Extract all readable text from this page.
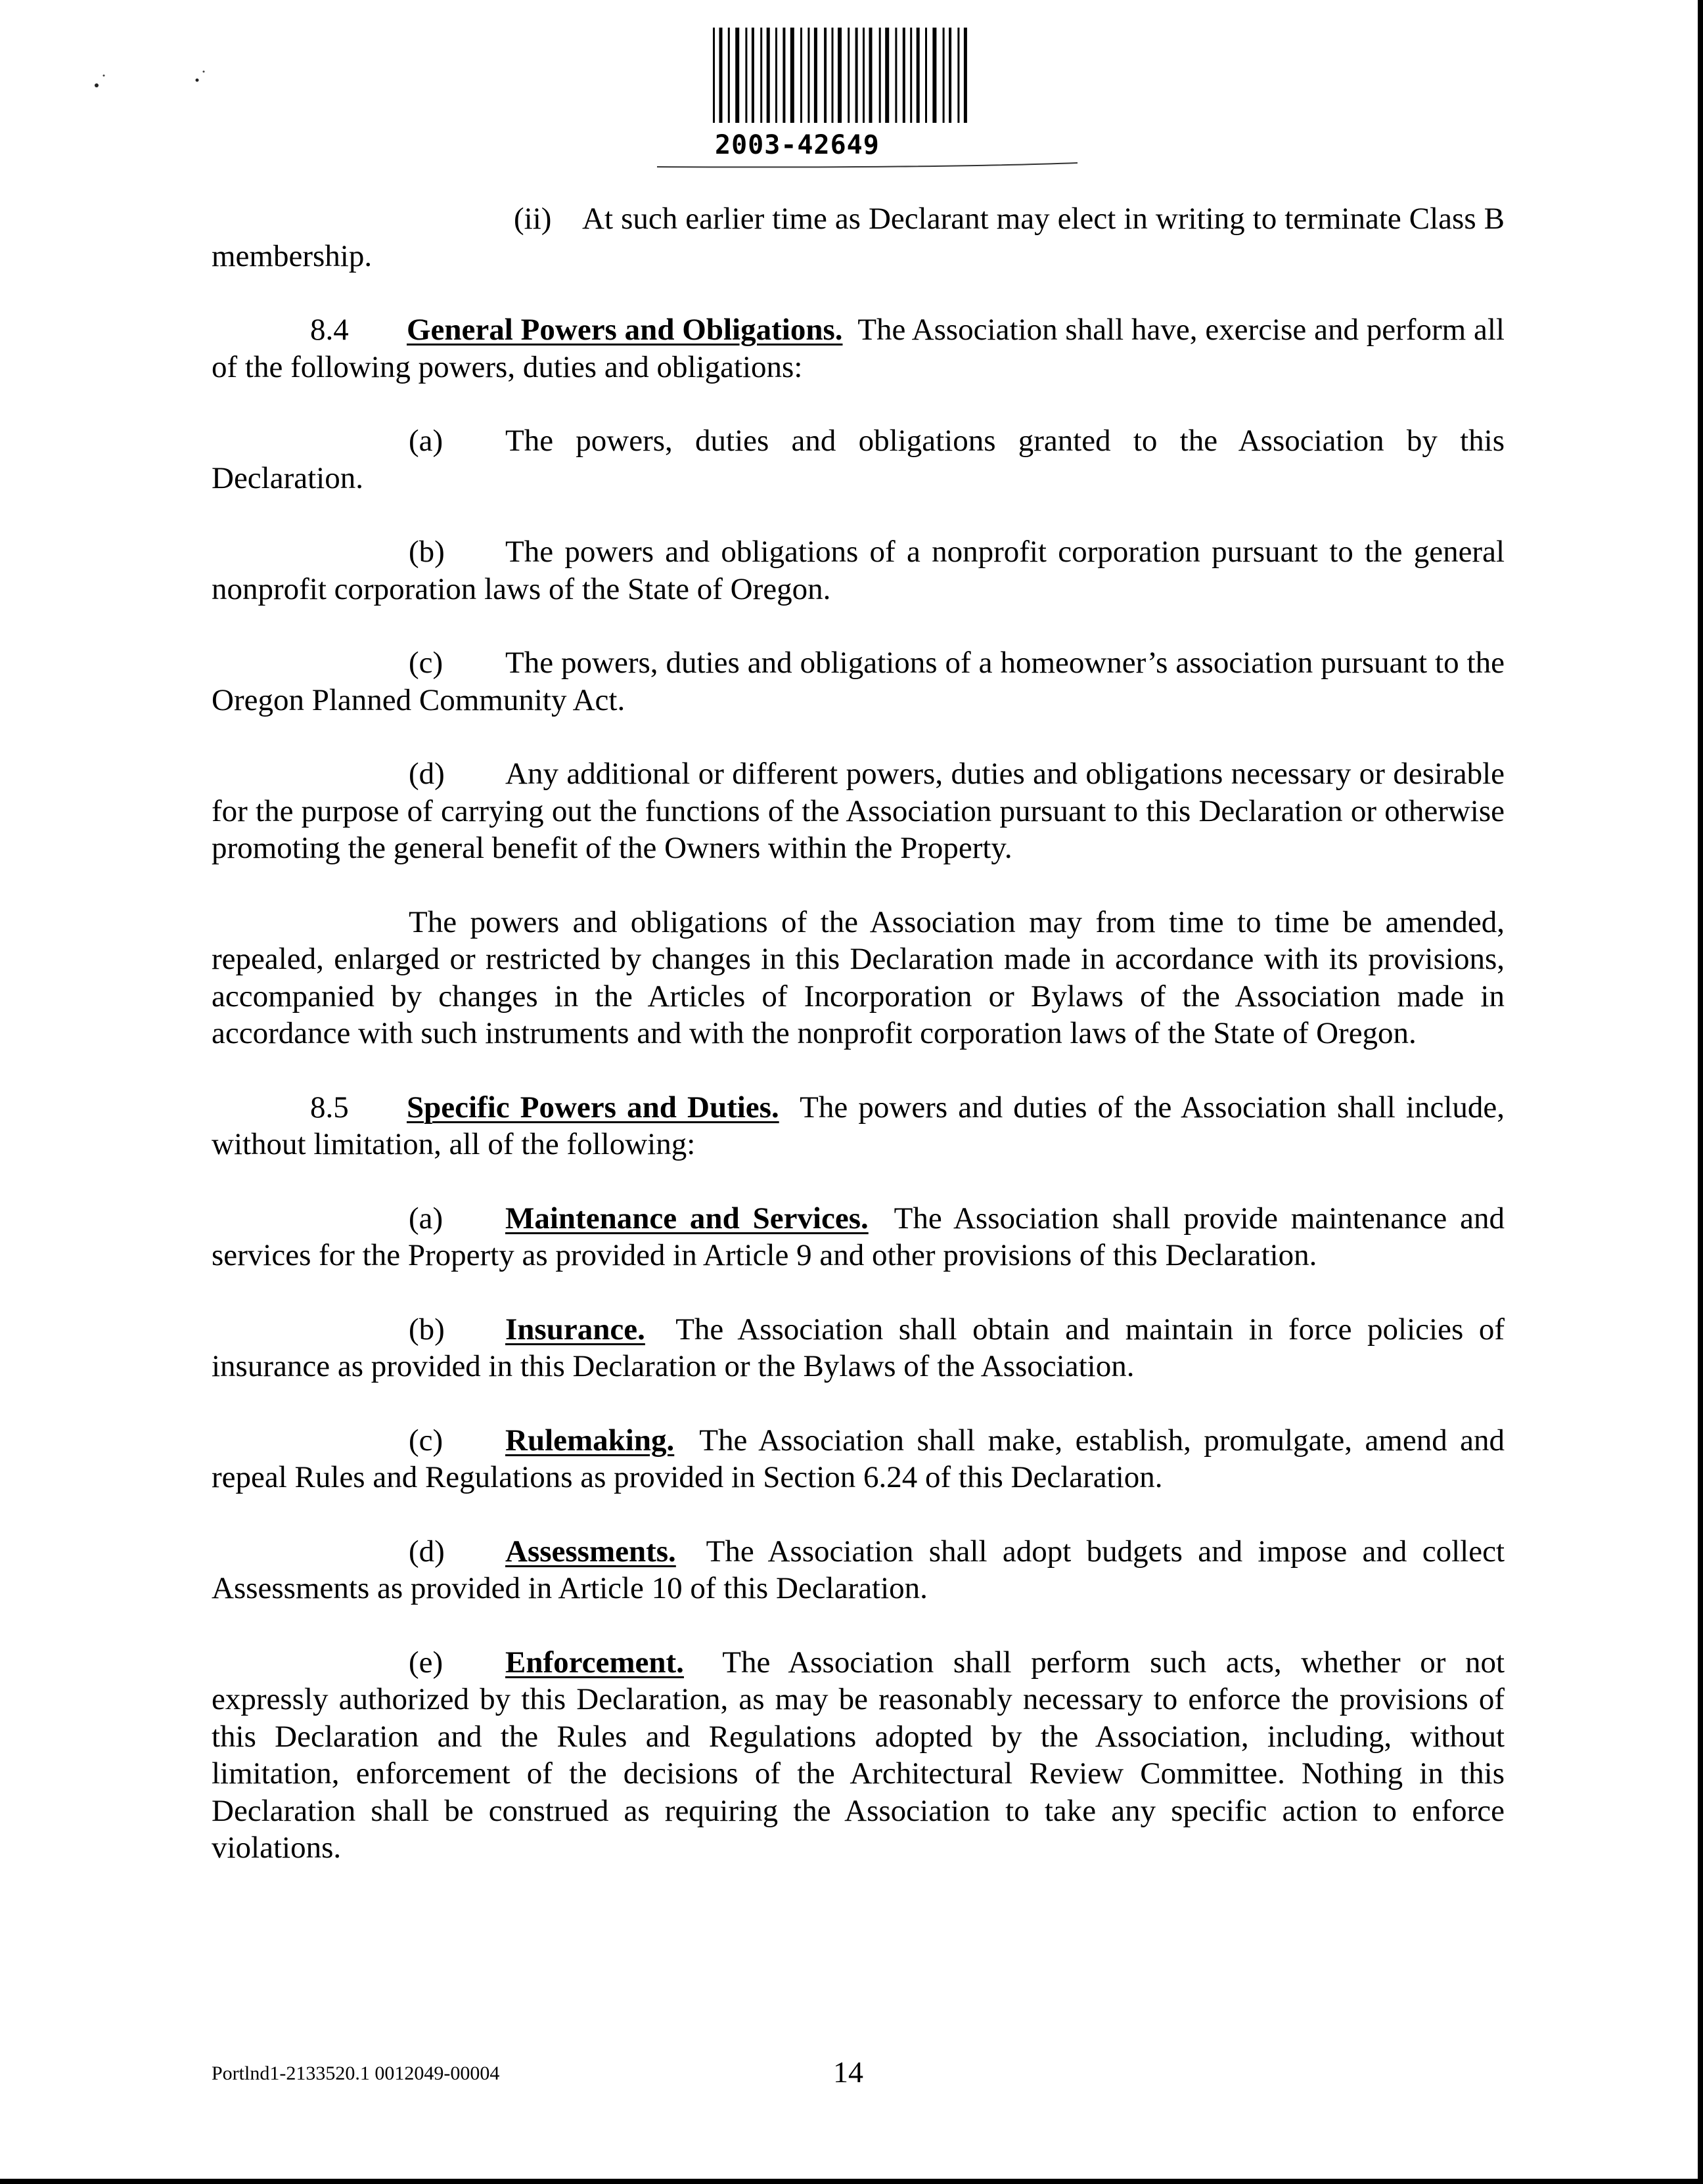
2003-42649

(ii) At such earlier time as Declarant may elect in writing to terminate Class B membership.

8.4 General Powers and Obligations. The Association shall have, exercise and perform all of the following powers, duties and obligations:

(a) The powers, duties and obligations granted to the Association by this Declaration.

(b) The powers and obligations of a nonprofit corporation pursuant to the general nonprofit corporation laws of the State of Oregon.

(c) The powers, duties and obligations of a homeowner’s association pursuant to the Oregon Planned Community Act.

(d) Any additional or different powers, duties and obligations necessary or desirable for the purpose of carrying out the functions of the Association pursuant to this Declaration or otherwise promoting the general benefit of the Owners within the Property.

The powers and obligations of the Association may from time to time be amended, repealed, enlarged or restricted by changes in this Declaration made in accordance with its provisions, accompanied by changes in the Articles of Incorporation or Bylaws of the Association made in accordance with such instruments and with the nonprofit corporation laws of the State of Oregon.

8.5 Specific Powers and Duties. The powers and duties of the Association shall include, without limitation, all of the following:

(a) Maintenance and Services. The Association shall provide maintenance and services for the Property as provided in Article 9 and other provisions of this Declaration.

(b) Insurance. The Association shall obtain and maintain in force policies of insurance as provided in this Declaration or the Bylaws of the Association.

(c) Rulemaking. The Association shall make, establish, promulgate, amend and repeal Rules and Regulations as provided in Section 6.24 of this Declaration.

(d) Assessments. The Association shall adopt budgets and impose and collect Assessments as provided in Article 10 of this Declaration.

(e) Enforcement. The Association shall perform such acts, whether or not expressly authorized by this Declaration, as may be reasonably necessary to enforce the provisions of this Declaration and the Rules and Regulations adopted by the Association, including, without limitation, enforcement of the decisions of the Architectural Review Committee. Nothing in this Declaration shall be construed as requiring the Association to take any specific action to enforce violations.

Portlnd1-2133520.1 0012049-00004	14
